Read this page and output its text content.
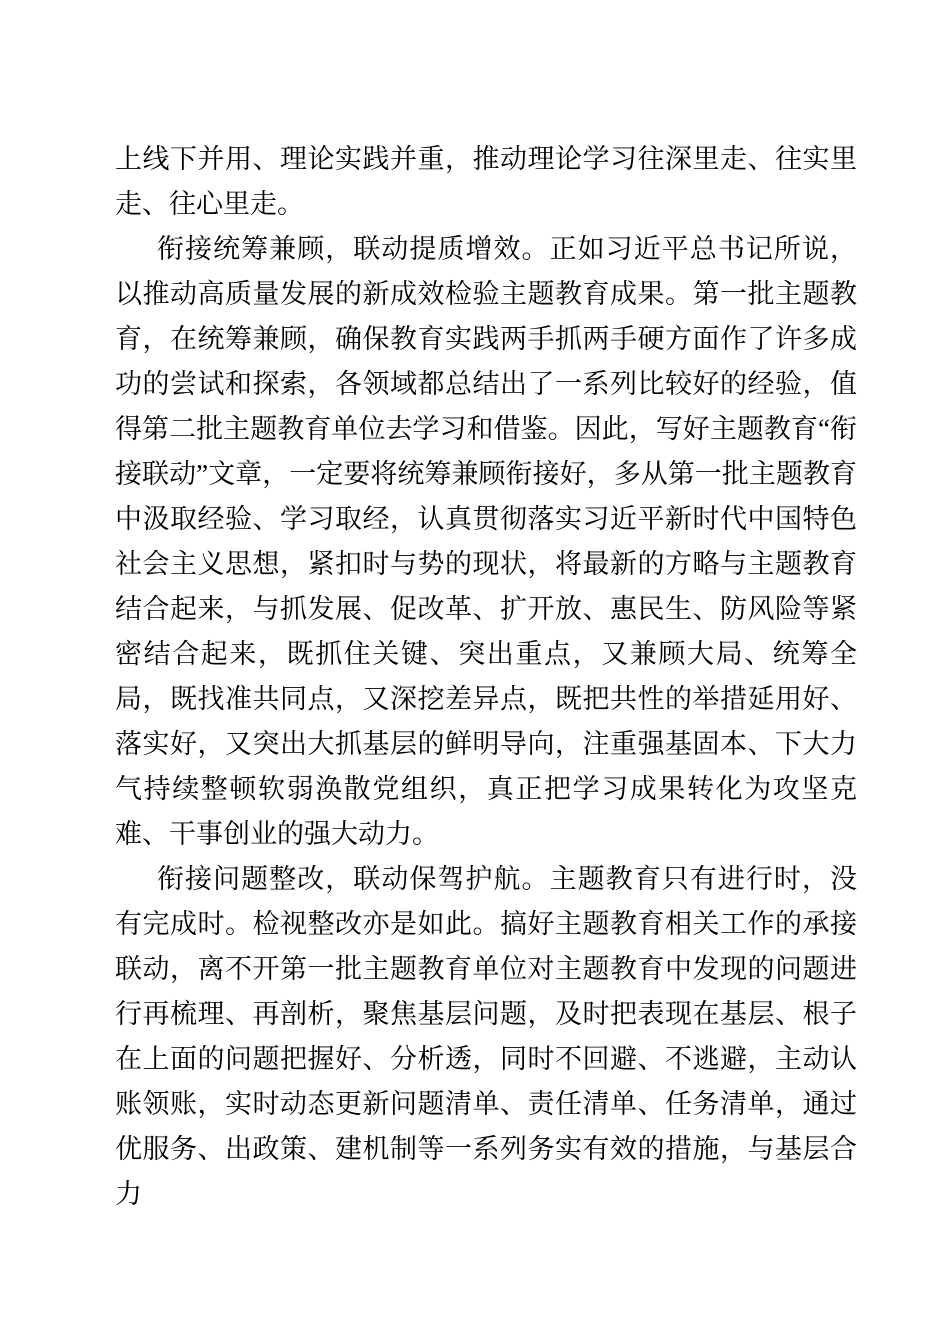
上线下并用、理论实践并重，推动理论学习往深里走、往实里走、往心里走。

衔接统筹兼顾，联动提质增效。正如习近平总书记所说，以推动高质量发展的新成效检验主题教育成果。第一批主题教育，在统筹兼顾，确保教育实践两手抓两手硬方面作了许多成功的尝试和探索，各领域都总结出了一系列比较好的经验，值得第二批主题教育单位去学习和借鉴。因此，写好主题教育“衔接联动”文章，一定要将统筹兼顾衔接好，多从第一批主题教育中汲取经验、学习取经，认真贯彻落实习近平新时代中国特色社会主义思想，紧扣时与势的现状，将最新的方略与主题教育结合起来，与抓发展、促改革、扩开放、惠民生、防风险等紧密结合起来，既抓住关键、突出重点，又兼顾大局、统筹全局，既找准共同点，又深挖差异点，既把共性的举措延用好、落实好，又突出大抓基层的鲜明导向，注重强基固本、下大力气持续整顿软弱涣散党组织，真正把学习成果转化为攻坚克难、干事创业的强大动力。

衔接问题整改，联动保驾护航。主题教育只有进行时，没有完成时。检视整改亦是如此。搞好主题教育相关工作的承接联动，离不开第一批主题教育单位对主题教育中发现的问题进行再梳理、再剖析，聚焦基层问题，及时把表现在基层、根子在上面的问题把握好、分析透，同时不回避、不逃避，主动认账领账，实时动态更新问题清单、责任清单、任务清单，通过优服务、出政策、建机制等一系列务实有效的措施，与基层合力
